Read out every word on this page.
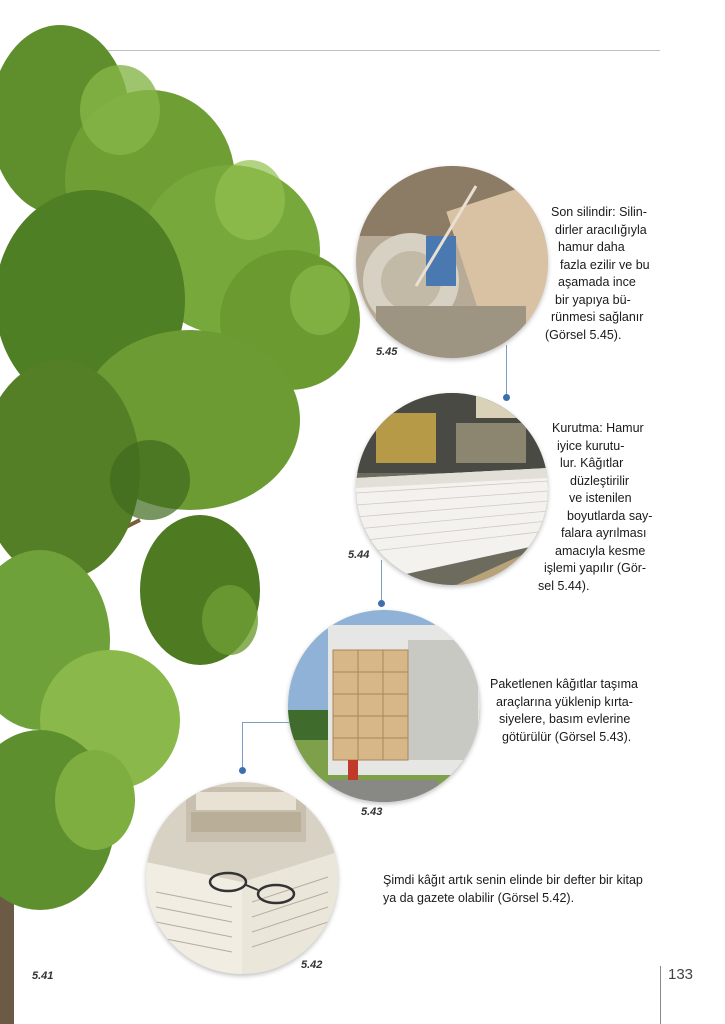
5.45
Son silindir: Silin-
dirler aracılığıyla
hamur daha
fazla ezilir ve bu
aşamada ince
bir yapıya bü-
rünmesi sağlanır
(Görsel 5.45).
5.44
Kurutma: Hamur
iyice kurutu-
lur. Kâğıtlar
düzleştirilir
ve istenilen
boyutlarda say-
falara ayrılması
amacıyla kesme
işlemi yapılır (Gör-
sel 5.44).
5.43
Paketlenen kâğıtlar taşıma
araçlarına yüklenip kırta-
siyelere, basım evlerine
götürülür (Görsel 5.43).
5.42
Şimdi kâğıt artık senin elinde bir defter bir kitap
ya da gazete olabilir (Görsel 5.42).
5.41	133
